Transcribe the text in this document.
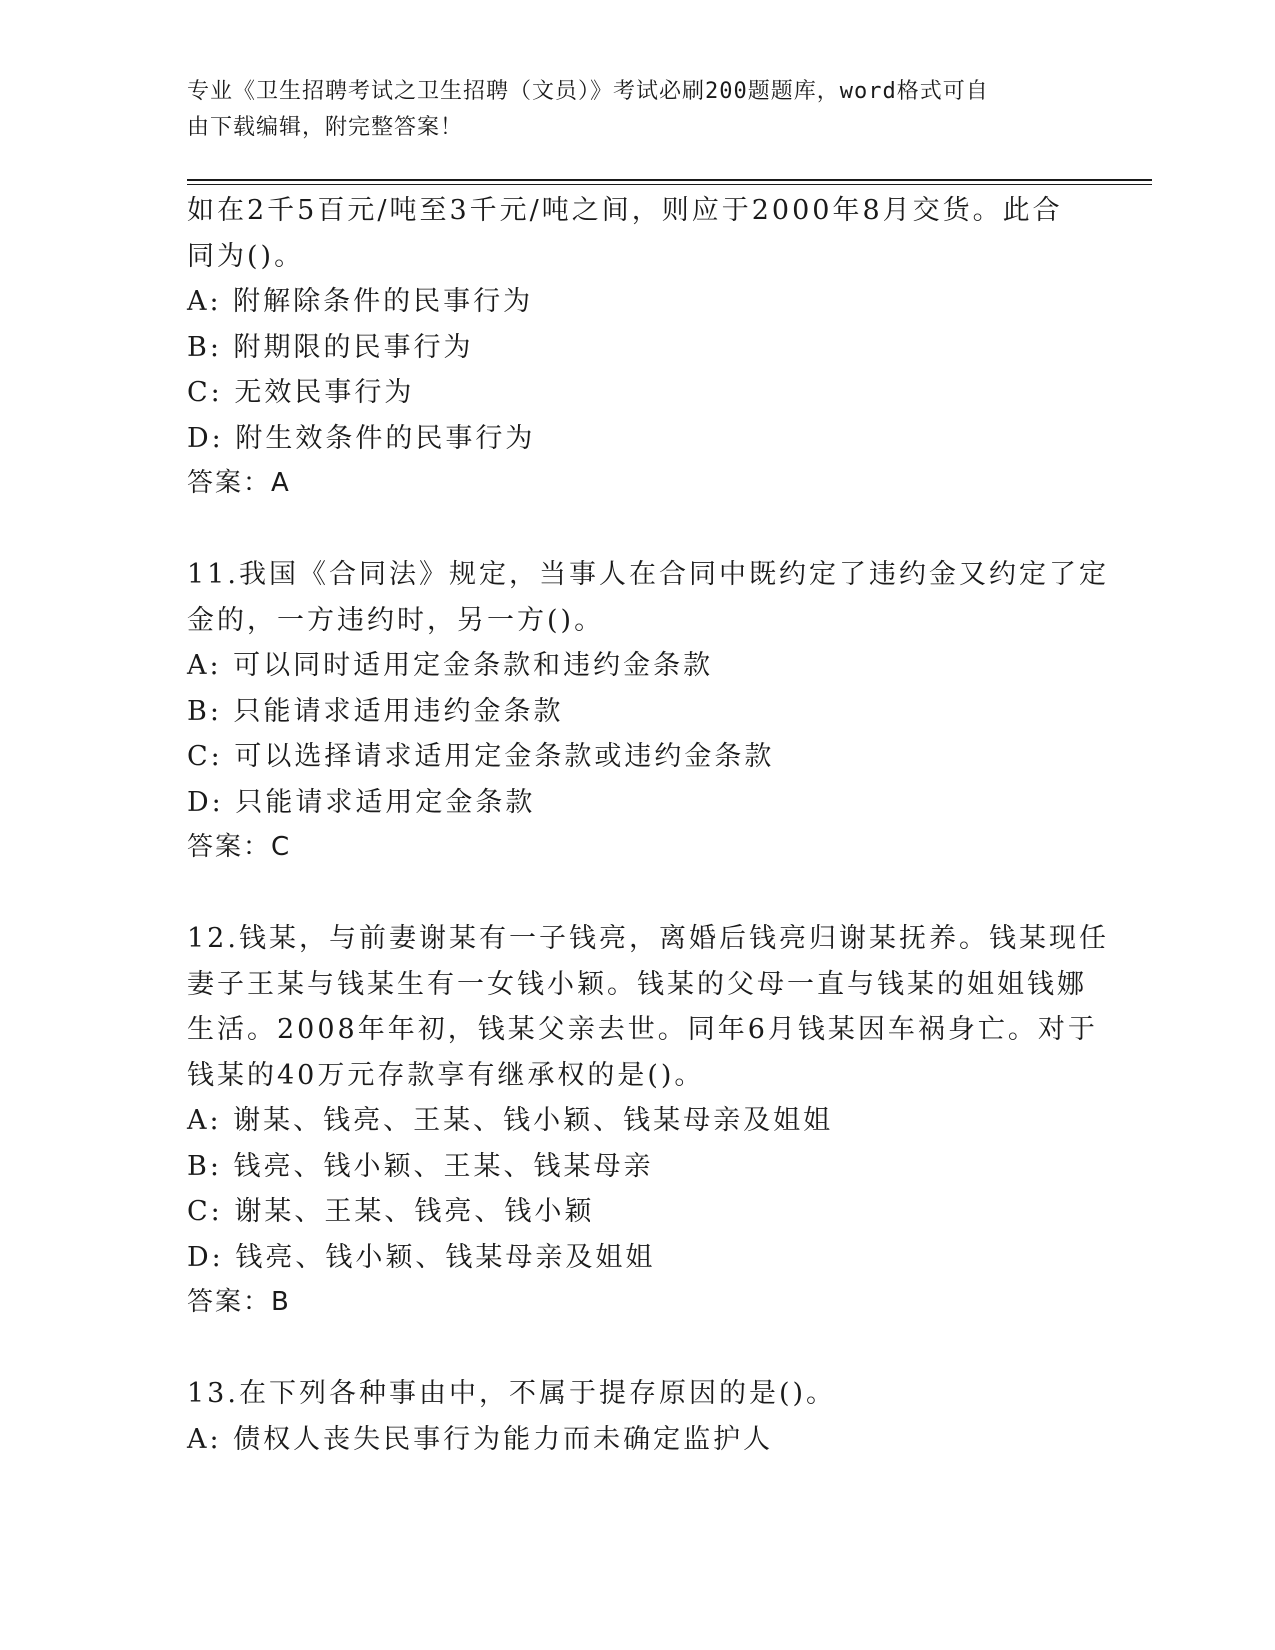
专业《卫生招聘考试之卫生招聘（文员）》考试必刷200题题库，word格式可自
由下载编辑，附完整答案！
如在2千5百元/吨至3千元/吨之间，则应于2000年8月交货。此合
同为()。
A: 附解除条件的民事行为
B: 附期限的民事行为
C: 无效民事行为
D: 附生效条件的民事行为
答案：A
11.我国《合同法》规定，当事人在合同中既约定了违约金又约定了定
金的，一方违约时，另一方()。
A: 可以同时适用定金条款和违约金条款
B: 只能请求适用违约金条款
C: 可以选择请求适用定金条款或违约金条款
D: 只能请求适用定金条款
答案：C
12.钱某，与前妻谢某有一子钱亮，离婚后钱亮归谢某抚养。钱某现任
妻子王某与钱某生有一女钱小颖。钱某的父母一直与钱某的姐姐钱娜
生活。2008年年初，钱某父亲去世。同年6月钱某因车祸身亡。对于
钱某的40万元存款享有继承权的是()。
A: 谢某、钱亮、王某、钱小颖、钱某母亲及姐姐
B: 钱亮、钱小颖、王某、钱某母亲
C: 谢某、王某、钱亮、钱小颖
D: 钱亮、钱小颖、钱某母亲及姐姐
答案：B
13.在下列各种事由中，不属于提存原因的是()。
A: 债权人丧失民事行为能力而未确定监护人
